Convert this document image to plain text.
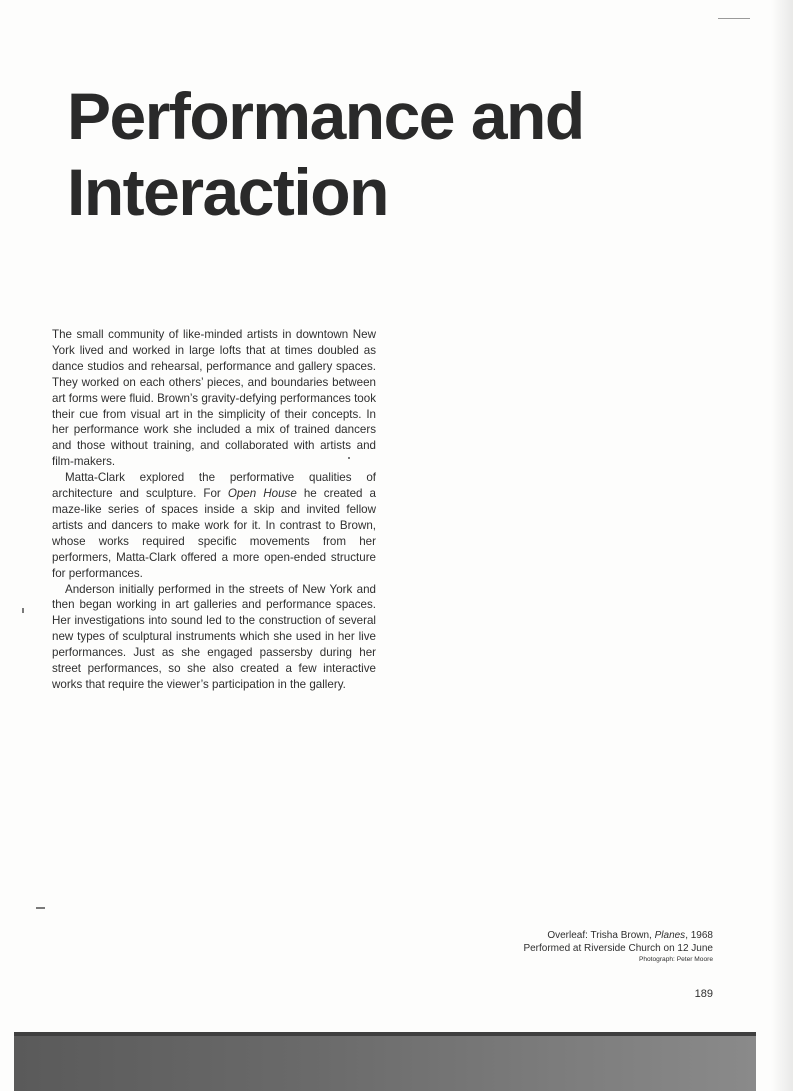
Performance and
Interaction

The small community of like-minded artists in downtown New York lived and worked in large lofts that at times doubled as dance studios and rehearsal, performance and gallery spaces. They worked on each others’ pieces, and boundaries between art forms were fluid. Brown’s gravity-defying performances took their cue from visual art in the simplicity of their concepts. In her performance work she included a mix of trained dancers and those without training, and collaborated with artists and film-makers.

Matta-Clark explored the performative qualities of architecture and sculpture. For Open House he created a maze-like series of spaces inside a skip and invited fellow artists and dancers to make work for it. In contrast to Brown, whose works required specific movements from her performers, Matta-Clark offered a more open-ended structure for performances.

Anderson initially performed in the streets of New York and then began working in art galleries and performance spaces. Her investigations into sound led to the construction of several new types of sculptural instruments which she used in her live performances. Just as she engaged passersby during her street performances, so she also created a few interactive works that require the viewer’s participation in the gallery.

Overleaf: Trisha Brown, Planes, 1968
Performed at Riverside Church on 12 June
Photograph: Peter Moore
189
